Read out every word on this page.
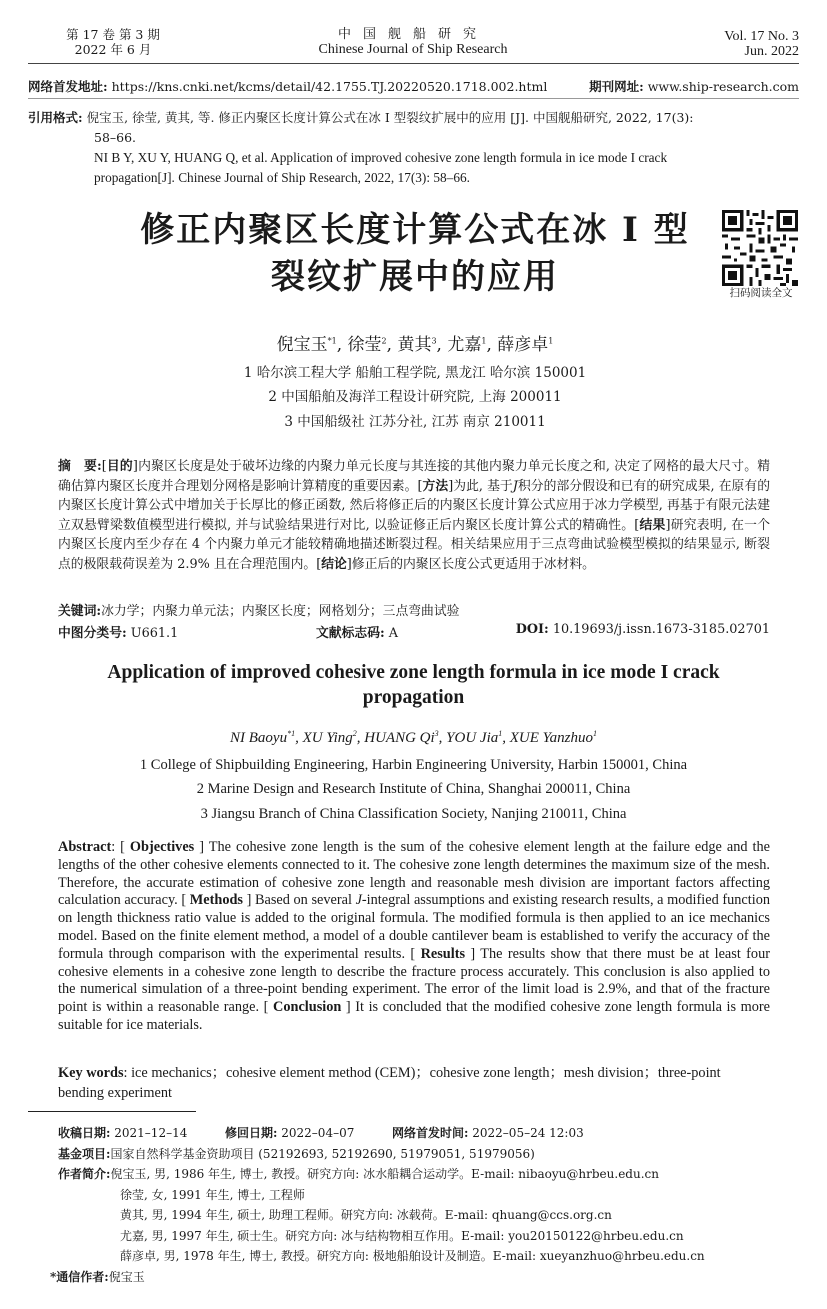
第 17 卷 第 3 期
2022 年 6 月
中国舰船研究
Chinese Journal of Ship Research
Vol. 17 No. 3
Jun. 2022
网络首发地址: https://kns.cnki.net/kcms/detail/42.1755.TJ.20220520.1718.002.html	期刊网址: www.ship-research.com
引用格式: 倪宝玉, 徐莹, 黄其, 等. 修正内聚区长度计算公式在冰 I 型裂纹扩展中的应用 [J]. 中国舰船研究, 2022, 17(3):
58–66.
NI B Y, XU Y, HUANG Q, et al. Application of improved cohesive zone length formula in ice mode I crack
propagation[J]. Chinese Journal of Ship Research, 2022, 17(3): 58–66.
修正内聚区长度计算公式在冰 I 型
裂纹扩展中的应用	扫码阅读全文
倪宝玉$^{*1}$, 徐莹$^2$, 黄其$^3$, 尤嘉$^1$, 薛彦卓$^1$
1 哈尔滨工程大学 船舶工程学院, 黑龙江 哈尔滨 150001
2 中国船舶及海洋工程设计研究院, 上海 200011
3 中国船级社 江苏分社, 江苏 南京 210011
摘　要:[目的]内聚区长度是处于破坏边缘的内聚力单元长度与其连接的其他内聚力单元长度之和, 决定了网格的最大尺寸。精确估算内聚区长度并合理划分网格是影响计算精度的重要因素。[方法]为此, 基于J积分的部分假设和已有的研究成果, 在原有的内聚区长度计算公式中增加关于长厚比的修正函数, 然后将修正后的内聚区长度计算公式应用于冰力学模型, 再基于有限元法建立双悬臂梁数值模型进行模拟, 并与试验结果进行对比, 以验证修正后内聚区长度计算公式的精确性。[结果]研究表明, 在一个内聚区长度内至少存在 4 个内聚力单元才能较精确地描述断裂过程。相关结果应用于三点弯曲试验模型模拟的结果显示, 断裂点的极限载荷误差为 2.9% 且在合理范围内。[结论]修正后的内聚区长度公式更适用于冰材料。
关键词:冰力学；内聚力单元法；内聚区长度；网格划分；三点弯曲试验
中图分类号: U661.1	文献标志码: A	DOI: 10.19693/j.issn.1673-3185.02701
Application of improved cohesive zone length formula in ice mode I crack
propagation
NI Baoyu$^{*1}$, XU Ying$^2$, HUANG Qi$^3$, YOU Jia$^1$, XUE Yanzhuo$^1$
1 College of Shipbuilding Engineering, Harbin Engineering University, Harbin 150001, China
2 Marine Design and Research Institute of China, Shanghai 200011, China
3 Jiangsu Branch of China Classification Society, Nanjing 210011, China
Abstract: [ Objectives ] The cohesive zone length is the sum of the cohesive element length at the failure edge and the lengths of the other cohesive elements connected to it. The cohesive zone length determines the maximum size of the mesh. Therefore, the accurate estimation of cohesive zone length and reasonable mesh division are important factors affecting calculation accuracy. [ Methods ] Based on several J-integral assumptions and existing research results, a modified function on length thickness ratio value is added to the original formula. The modified formula is then applied to an ice mechanics model. Based on the finite element method, a model of a double cantilever beam is established to verify the accuracy of the formula through comparison with the experimental results. [ Results ] The results show that there must be at least four cohesive elements in a cohesive zone length to describe the fracture process accurately. This conclusion is also applied to the numerical simulation of a three-point bending experiment. The error of the limit load is 2.9%, and that of the fracture point is within a reasonable range. [ Conclusion ] It is concluded that the modified cohesive zone length formula is more suitable for ice materials.
Key words: ice mechanics；cohesive element method (CEM)；cohesive zone length；mesh division；three-point bending experiment
收稿日期: 2021–12–14	修回日期: 2022–04–07	网络首发时间: 2022–05–24 12:03
基金项目:国家自然科学基金资助项目 (52192693, 52192690, 51979051, 51979056)
作者简介:倪宝玉, 男, 1986 年生, 博士, 教授。研究方向: 冰水船耦合运动学。E-mail: nibaoyu@hrbeu.edu.cn
徐莹, 女, 1991 年生, 博士, 工程师
黄其, 男, 1994 年生, 硕士, 助理工程师。研究方向: 冰载荷。E-mail: qhuang@ccs.org.cn
尤嘉, 男, 1997 年生, 硕士生。研究方向: 冰与结构物相互作用。E-mail: you20150122@hrbeu.edu.cn
薛彦卓, 男, 1978 年生, 博士, 教授。研究方向: 极地船舶设计及制造。E-mail: xueyanzhuo@hrbeu.edu.cn
*通信作者:倪宝玉
